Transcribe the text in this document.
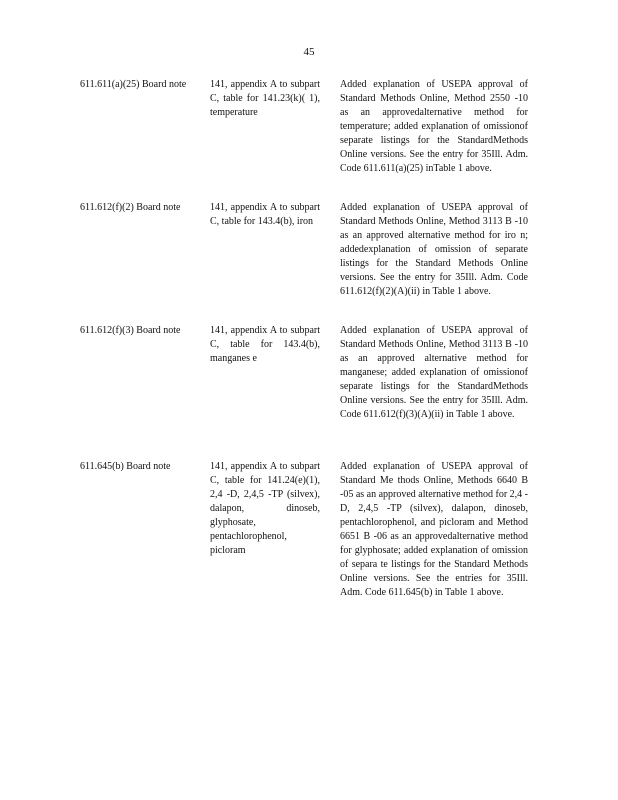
45
611.611(a)(25) Board note	141, appendix A to subpart C, table for 141.23(k)( 1), temperature
Added explanation of USEPA approval of Standard Methods Online, Method 2550 -10 as an approvedalternative method for temperature; added explanation of omissionof separate listings for the StandardMethods Online versions. See the entry for 35Ill. Adm. Code 611.611(a)(25) inTable 1 above.
611.612(f)(2) Board note	141, appendix A to subpart C, table for 143.4(b), iron
Added explanation of USEPA approval of Standard Methods Online, Method 3113 B -10 as an approved alternative method for iro n; addedexplanation of omission of separate listings for the Standard Methods Online versions. See the entry for 35Ill. Adm. Code 611.612(f)(2)(A)(ii) in Table 1 above.
611.612(f)(3) Board note	141, appendix A to subpart C, table for 143.4(b), manganes e
Added explanation of USEPA approval of Standard Methods Online, Method 3113 B -10 as an approved alternative method for manganese; added explanation of omissionof separate listings for the StandardMethods Online versions. See the entry for 35Ill. Adm. Code 611.612(f)(3)(A)(ii) in Table 1 above.
611.645(b) Board note	141, appendix A to subpart C, table for 141.24(e)(1), 2,4 -D, 2,4,5 -TP (silvex), dalapon, dinoseb, glyphosate, pentachlorophenol, picloram
Added explanation of USEPA approval of Standard Me thods Online, Methods 6640 B -05 as an approved alternative method for 2,4 -D, 2,4,5 -TP (silvex), dalapon, dinoseb, pentachlorophenol, and picloram and Method 6651 B -06 as an approvedalternative method for glyphosate; added explanation of omission of separa te listings for the Standard Methods Online versions. See the entries for 35Ill. Adm. Code 611.645(b) in Table 1 above.
